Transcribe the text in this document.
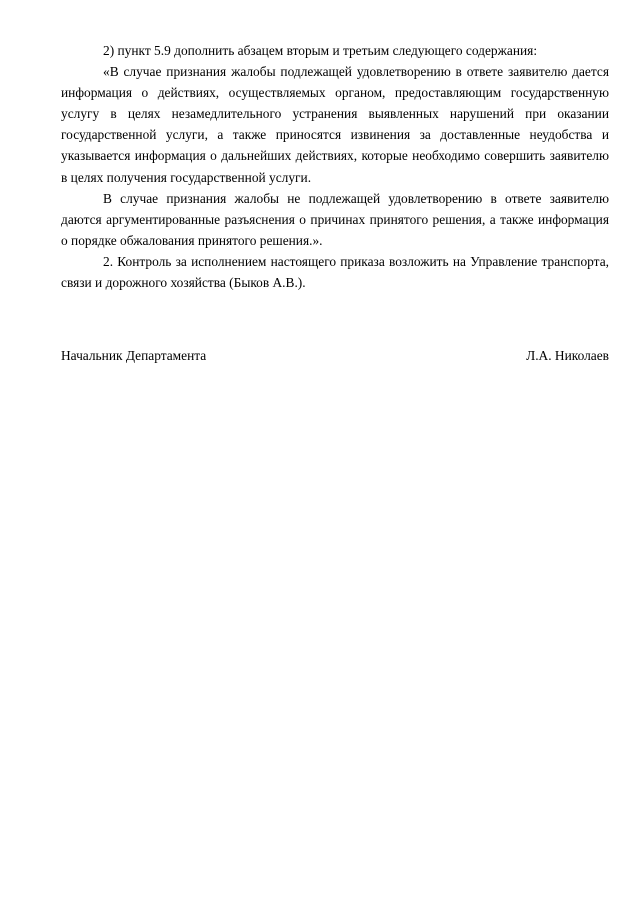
2) пункт 5.9 дополнить абзацем вторым и третьим следующего содержания:

«В случае признания жалобы подлежащей удовлетворению в ответе заявителю дается информация о действиях, осуществляемых органом, предоставляющим государственную услугу в целях незамедлительного устранения выявленных нарушений при оказании государственной услуги, а также приносятся извинения за доставленные неудобства и указывается информация о дальнейших действиях, которые необходимо совершить заявителю в целях получения государственной услуги.

В случае признания жалобы не подлежащей удовлетворению в ответе заявителю даются аргументированные разъяснения о причинах принятого решения, а также информация о порядке обжалования принятого решения.».

2. Контроль за исполнением настоящего приказа возложить на Управление транспорта, связи и дорожного хозяйства (Быков А.В.).

Начальник Департамента	Л.А. Николаев
